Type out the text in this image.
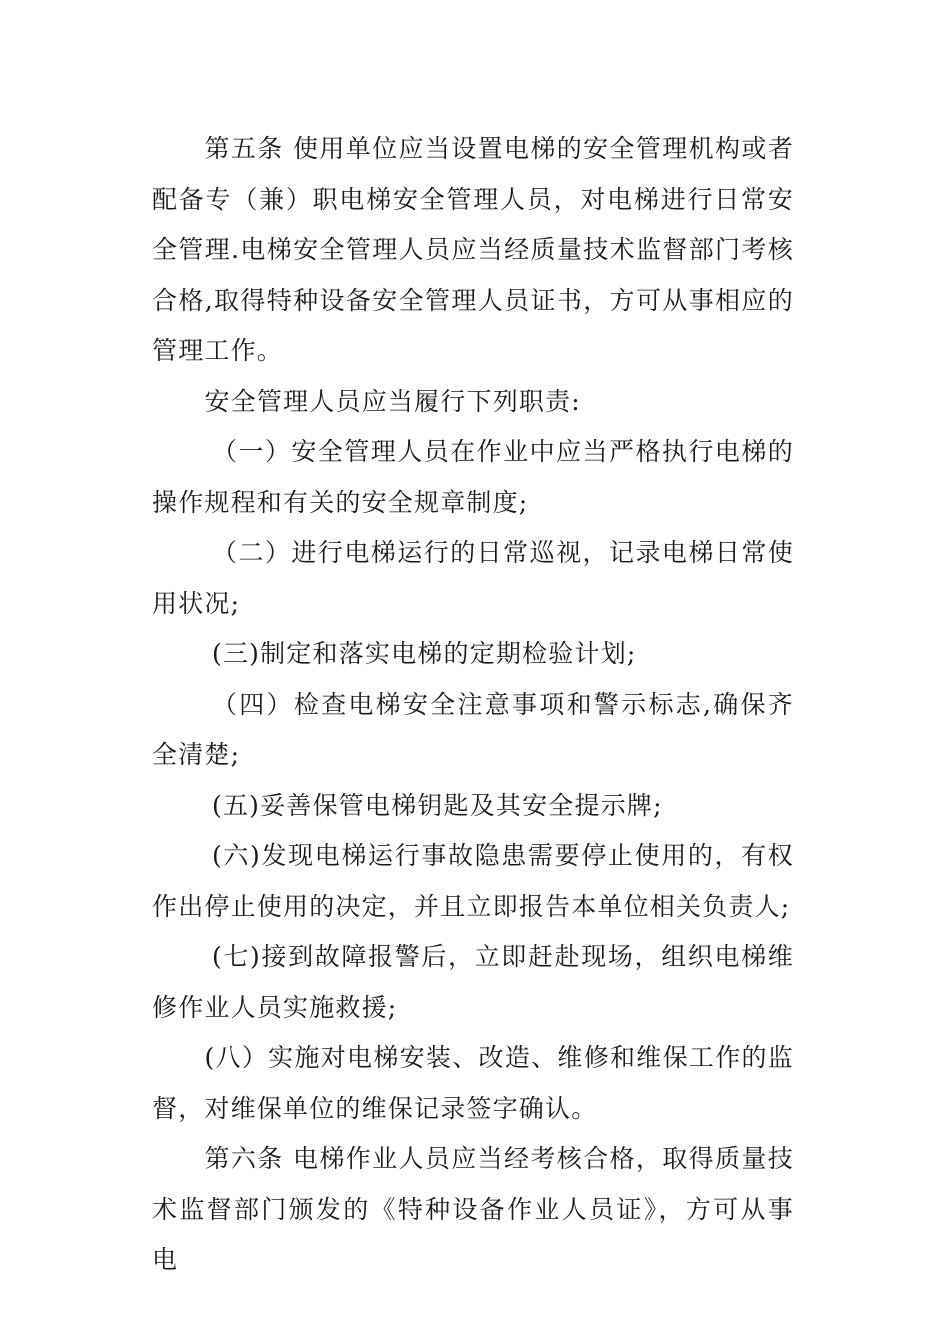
第五条 使用单位应当设置电梯的安全管理机构或者配备专（兼）职电梯安全管理人员，对电梯进行日常安全管理.电梯安全管理人员应当经质量技术监督部门考核合格,取得特种设备安全管理人员证书，方可从事相应的管理工作。

安全管理人员应当履行下列职责:

（一）安全管理人员在作业中应当严格执行电梯的操作规程和有关的安全规章制度;

（二）进行电梯运行的日常巡视，记录电梯日常使用状况;

(三)制定和落实电梯的定期检验计划;

（四）检查电梯安全注意事项和警示标志,确保齐全清楚;

(五)妥善保管电梯钥匙及其安全提示牌;

(六)发现电梯运行事故隐患需要停止使用的，有权作出停止使用的决定，并且立即报告本单位相关负责人;

(七)接到故障报警后，立即赶赴现场，组织电梯维修作业人员实施救援;

(八）实施对电梯安装、改造、维修和维保工作的监督，对维保单位的维保记录签字确认。

第六条 电梯作业人员应当经考核合格，取得质量技术监督部门颁发的《特种设备作业人员证》，方可从事电
